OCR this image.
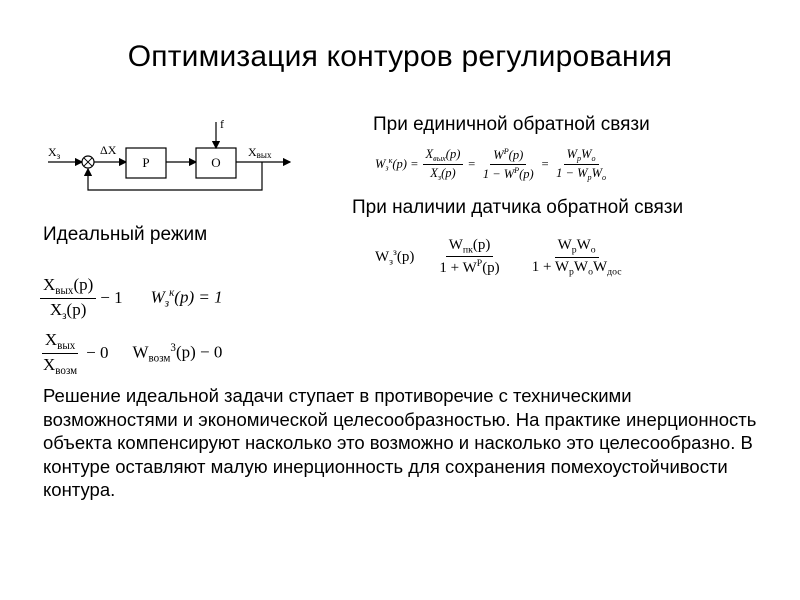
Оптимизация контуров регулирования
$X_з$	ΔX
Р	О
f
Xвых
При единичной обратной связи
$W_з^к(p) = \frac{X_{вых}(p)}{X_з(p)} = \frac{W^P(p)}{1 - W^P(p)} = \frac{W_pW_o}{1 - W_pW_o}$
При наличии датчика обратной связи
$W_з^з(p) \frac{W_{пк}(p)}{1 + W^P(p)} \frac{W_рW_о}{1 + W_рW_оW_{дос}}$
Идеальный режим
$\frac{X_{вых}(p)}{X_з(p)} - 1$ $W_з^к(p) = 1$
$\frac{X_{вых}}{X_{возм}} - 0$ $W_{возм}^3(p) - 0$
Решение идеальной задачи ступает в противоречие с техническими возможностями и экономической целесообразностью. На практике инерционность объекта компенсируют насколько это возможно и насколько это целесообразно. В контуре оставляют малую инерционность для сохранения помехоустойчивости контура.
